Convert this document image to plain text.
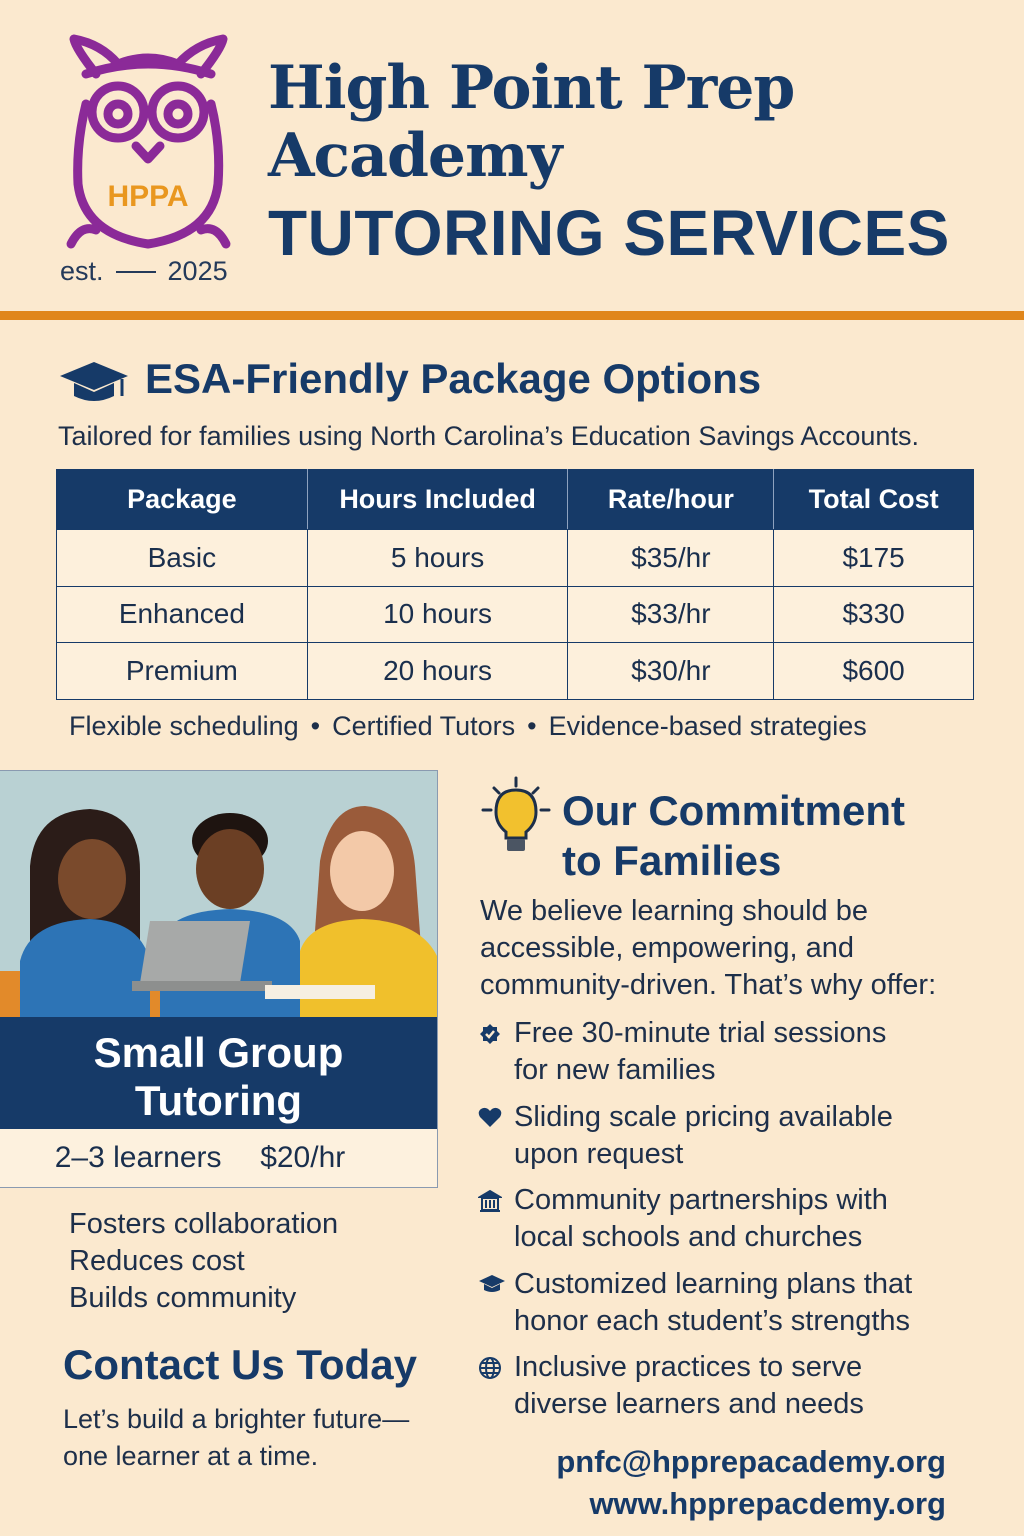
HPPA
est. 2025
High Point Prep Academy
TUTORING SERVICES
ESA-Friendly Package Options
Tailored for families using North Carolina’s Education Savings Accounts.
Package	Hours Included	Rate/hour	Total Cost
Basic	5 hours	$35/hr	$175
Enhanced	10 hours	$33/hr	$330
Premium	20 hours	$30/hr	$600
Flexible scheduling • Certified Tutors • Evidence-based strategies
Small Group
Tutoring
2–3 learners $20/hr
Fosters collaboration
Reduces cost
Builds community
Contact Us Today
Let’s build a brighter future—
one learner at a time.
Our Commitment
to Families
We believe learning should be accessible, empowering, and community-driven. That’s why offer:
Free 30-minute trial sessions
for new families
Sliding scale pricing available
upon request
Community partnerships with
local schools and churches
Customized learning plans that
honor each student’s strengths
Inclusive practices to serve
diverse learners and needs
pnfc@hpprepacademy.org
www.hpprepacdemy.org
